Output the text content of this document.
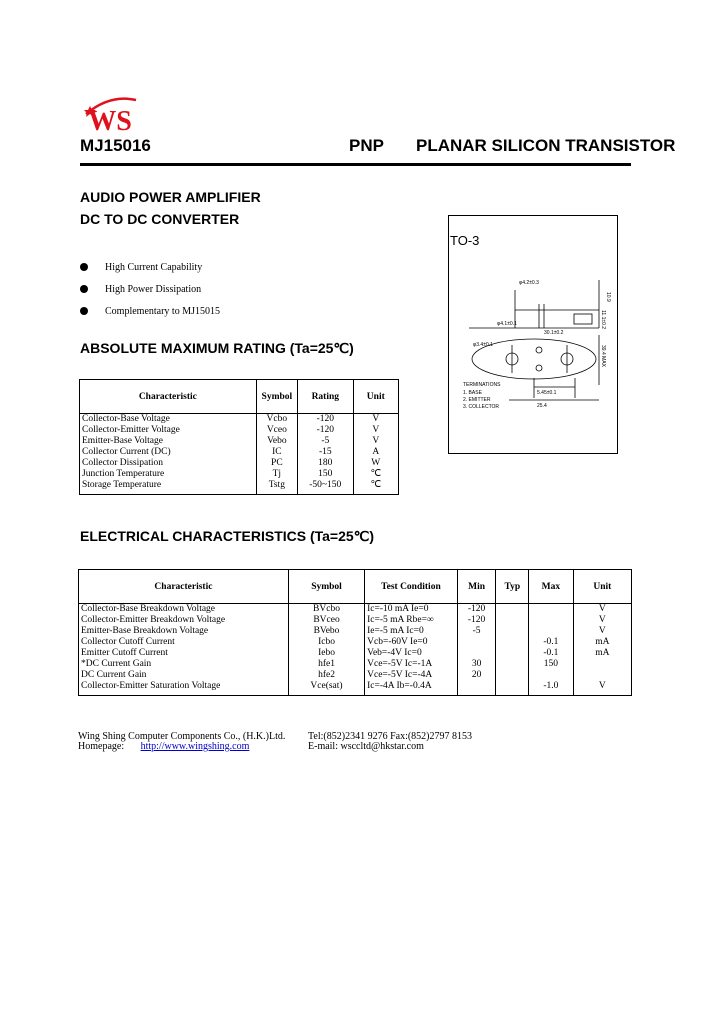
WS
MJ15016	PNP PLANAR SILICON TRANSISTOR
AUDIO POWER AMPLIFIER
DC TO DC CONVERTER
High Current Capability
High Power Dissipation
Complementary to MJ15015
TO-3
φ4.2±0.3
φ4.1±0.1
φ3.4±0.1
30.1±0.2
5.45±0.1
25.4
11.1±0.2
10.9
39.4 MAX
TERMINATIONS
1. BASE
2. EMITTER
3. COLLECTOR
ABSOLUTE MAXIMUM RATING (Ta=25℃)
Characteristic	Symbol	Rating	Unit
Collector-Base Voltage	Vcbo	-120	V
Collector-Emitter Voltage	Vceo	-120	V
Emitter-Base Voltage	Vebo	-5	V
Collector Current (DC)	IC	-15	A
Collector Dissipation	PC	180	W
Junction Temperature	Tj	150	℃
Storage Temperature	Tstg	-50~150	℃
ELECTRICAL CHARACTERISTICS (Ta=25℃)
Characteristic	Symbol	Test Condition	Min	Typ	Max	Unit
Collector-Base Breakdown Voltage	BVcbo	Ic=-10 mA Ie=0	-120			V
Collector-Emitter Breakdown Voltage	BVceo	Ic=-5 mA Rbe=∞	-120			V
Emitter-Base Breakdown Voltage	BVebo	Ie=-5 mA Ic=0	-5			V
Collector Cutoff Current	Icbo	Vcb=-60V Ie=0			-0.1	mA
Emitter Cutoff Current	Iebo	Veb=-4V Ic=0			-0.1	mA
*DC Current Gain	hfe1	Vce=-5V Ic=-1A	30		150	
DC Current Gain	hfe2	Vce=-5V Ic=-4A	20			
Collector-Emitter Saturation Voltage	Vce(sat)	Ic=-4A Ib=-0.4A			-1.0	V
Wing Shing Computer Components Co., (H.K.)Ltd.
Homepage: http://www.wingshing.com
Tel:(852)2341 9276 Fax:(852)2797 8153
E-mail: wsccltd@hkstar.com
